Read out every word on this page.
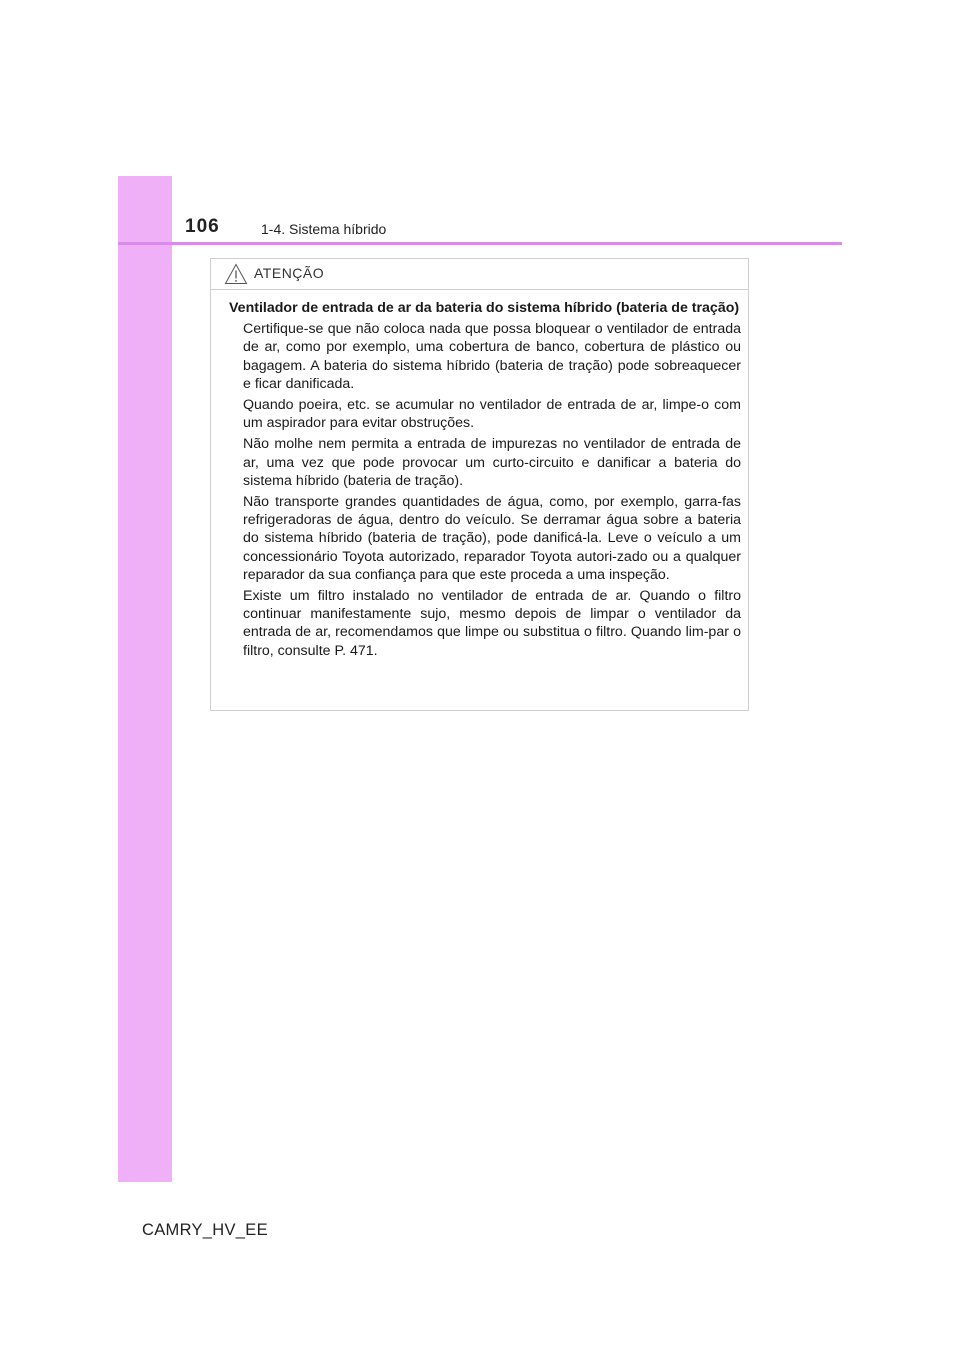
106	1-4. Sistema híbrido
ATENÇÃO

Ventilador de entrada de ar da bateria do sistema híbrido (bateria de tração)

Certifique-se que não coloca nada que possa bloquear o ventilador de entrada de ar, como por exemplo, uma cobertura de banco, cobertura de plástico ou bagagem. A bateria do sistema híbrido (bateria de tração) pode sobreaquecer e ficar danificada.

Quando poeira, etc. se acumular no ventilador de entrada de ar, limpe-o com um aspirador para evitar obstruções.

Não molhe nem permita a entrada de impurezas no ventilador de entrada de ar, uma vez que pode provocar um curto-circuito e danificar a bateria do sistema híbrido (bateria de tração).

Não transporte grandes quantidades de água, como, por exemplo, garra-fas refrigeradoras de água, dentro do veículo. Se derramar água sobre a bateria do sistema híbrido (bateria de tração), pode danificá-la. Leve o veículo a um concessionário Toyota autorizado, reparador Toyota autori-zado ou a qualquer reparador da sua confiança para que este proceda a uma inspeção.

Existe um filtro instalado no ventilador de entrada de ar. Quando o filtro continuar manifestamente sujo, mesmo depois de limpar o ventilador da entrada de ar, recomendamos que limpe ou substitua o filtro. Quando lim-par o filtro, consulte P. 471.

CAMRY_HV_EE
